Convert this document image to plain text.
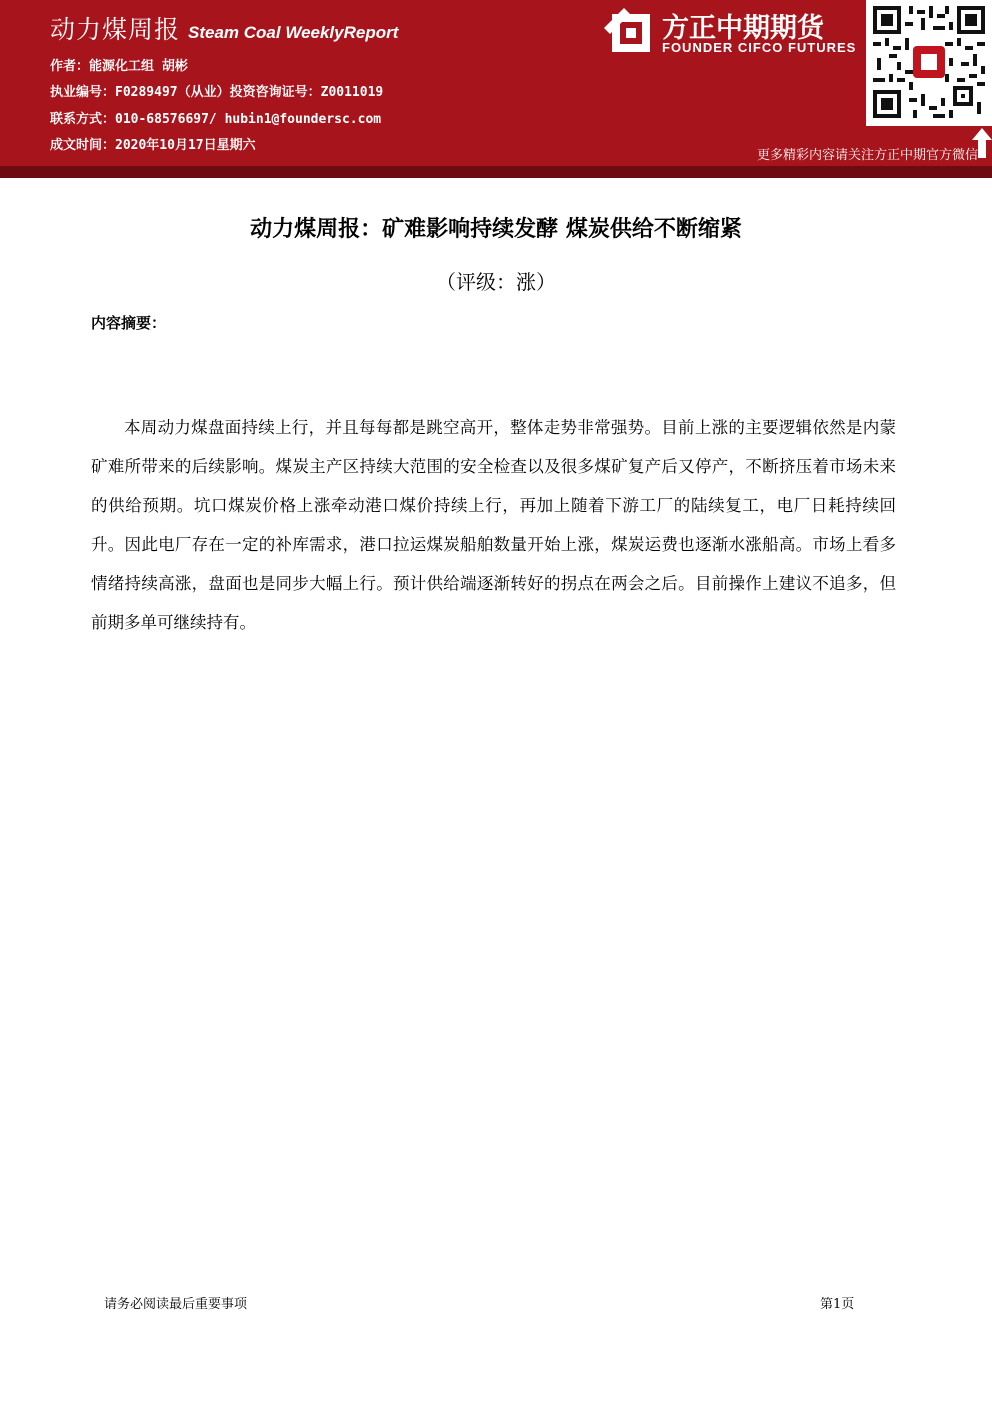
动力煤周报 Steam Coal WeeklyReport
作者：能源化工组 胡彬
执业编号：F0289497（从业）投资咨询证号：Z0011019
联系方式：010-68576697/ hubin1@foundersc.com
成文时间：2020年10月17日星期六
方正中期期货
FOUNDER CIFCO FUTURES
更多精彩内容请关注方正中期官方微信
动力煤周报：矿难影响持续发酵 煤炭供给不断缩紧
（评级：涨）
内容摘要：

本周动力煤盘面持续上行，并且每每都是跳空高开，整体走势非常强势。目前上涨的主要逻辑依然是内蒙矿难所带来的后续影响。煤炭主产区持续大范围的安全检查以及很多煤矿复产后又停产，不断挤压着市场未来的供给预期。坑口煤炭价格上涨牵动港口煤价持续上行，再加上随着下游工厂的陆续复工，电厂日耗持续回升。因此电厂存在一定的补库需求，港口拉运煤炭船舶数量开始上涨，煤炭运费也逐渐水涨船高。市场上看多情绪持续高涨，盘面也是同步大幅上行。预计供给端逐渐转好的拐点在两会之后。目前操作上建议不追多，但前期多单可继续持有。

请务必阅读最后重要事项	第1页
